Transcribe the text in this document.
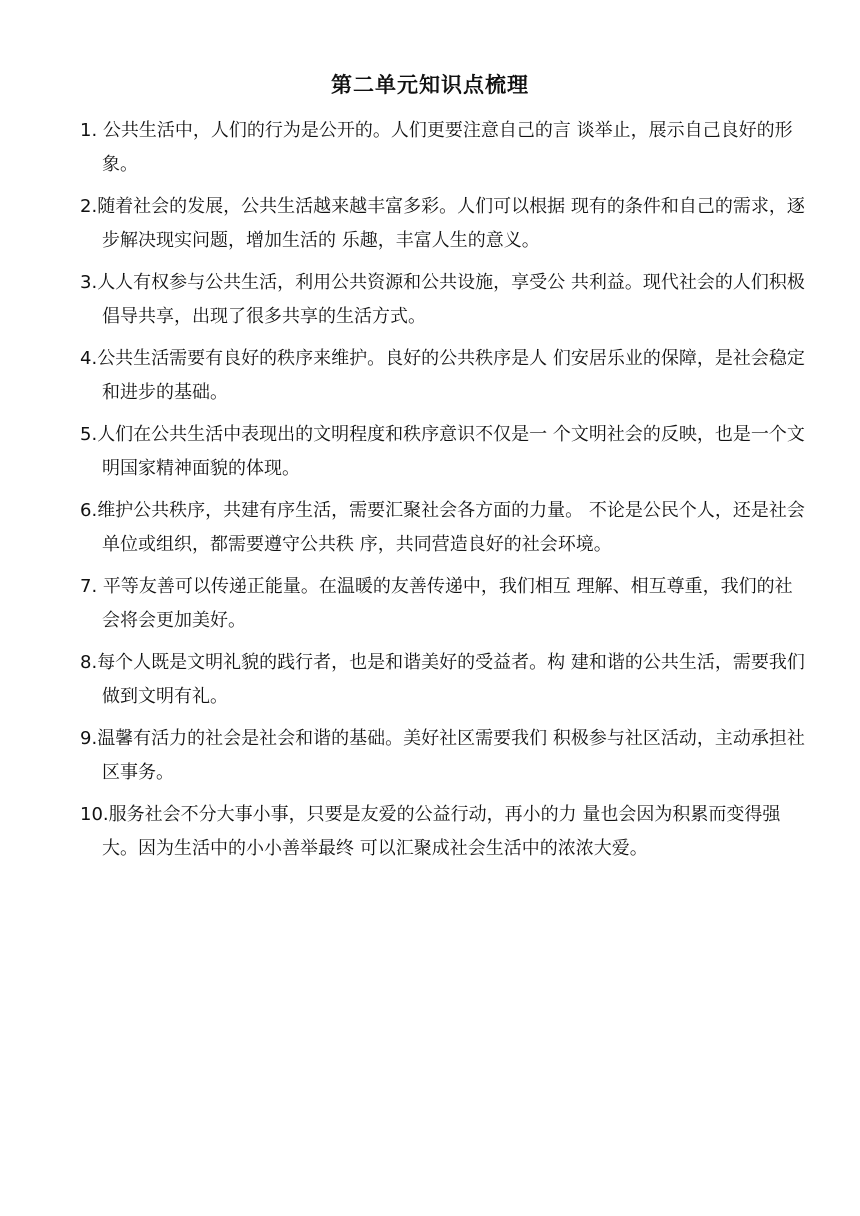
第二单元知识点梳理
1. 公共生活中，人们的行为是公开的。人们更要注意自己的言 谈举止，展示自己良好的形象。
2.随着社会的发展，公共生活越来越丰富多彩。人们可以根据 现有的条件和自己的需求，逐步解决现实问题，增加生活的 乐趣，丰富人生的意义。
3.人人有权参与公共生活，利用公共资源和公共设施，享受公 共利益。现代社会的人们积极倡导共享，出现了很多共享的生活方式。
4.公共生活需要有良好的秩序来维护。良好的公共秩序是人 们安居乐业的保障，是社会稳定和进步的基础。
5.人们在公共生活中表现出的文明程度和秩序意识不仅是一 个文明社会的反映，也是一个文明国家精神面貌的体现。
6.维护公共秩序，共建有序生活，需要汇聚社会各方面的力量。 不论是公民个人，还是社会单位或组织，都需要遵守公共秩 序，共同营造良好的社会环境。
7. 平等友善可以传递正能量。在温暖的友善传递中，我们相互 理解、相互尊重，我们的社会将会更加美好。
8.每个人既是文明礼貌的践行者，也是和谐美好的受益者。构 建和谐的公共生活，需要我们做到文明有礼。
9.温馨有活力的社会是社会和谐的基础。美好社区需要我们 积极参与社区活动，主动承担社区事务。
10.服务社会不分大事小事，只要是友爱的公益行动，再小的力 量也会因为积累而变得强大。因为生活中的小小善举最终 可以汇聚成社会生活中的浓浓大爱。
